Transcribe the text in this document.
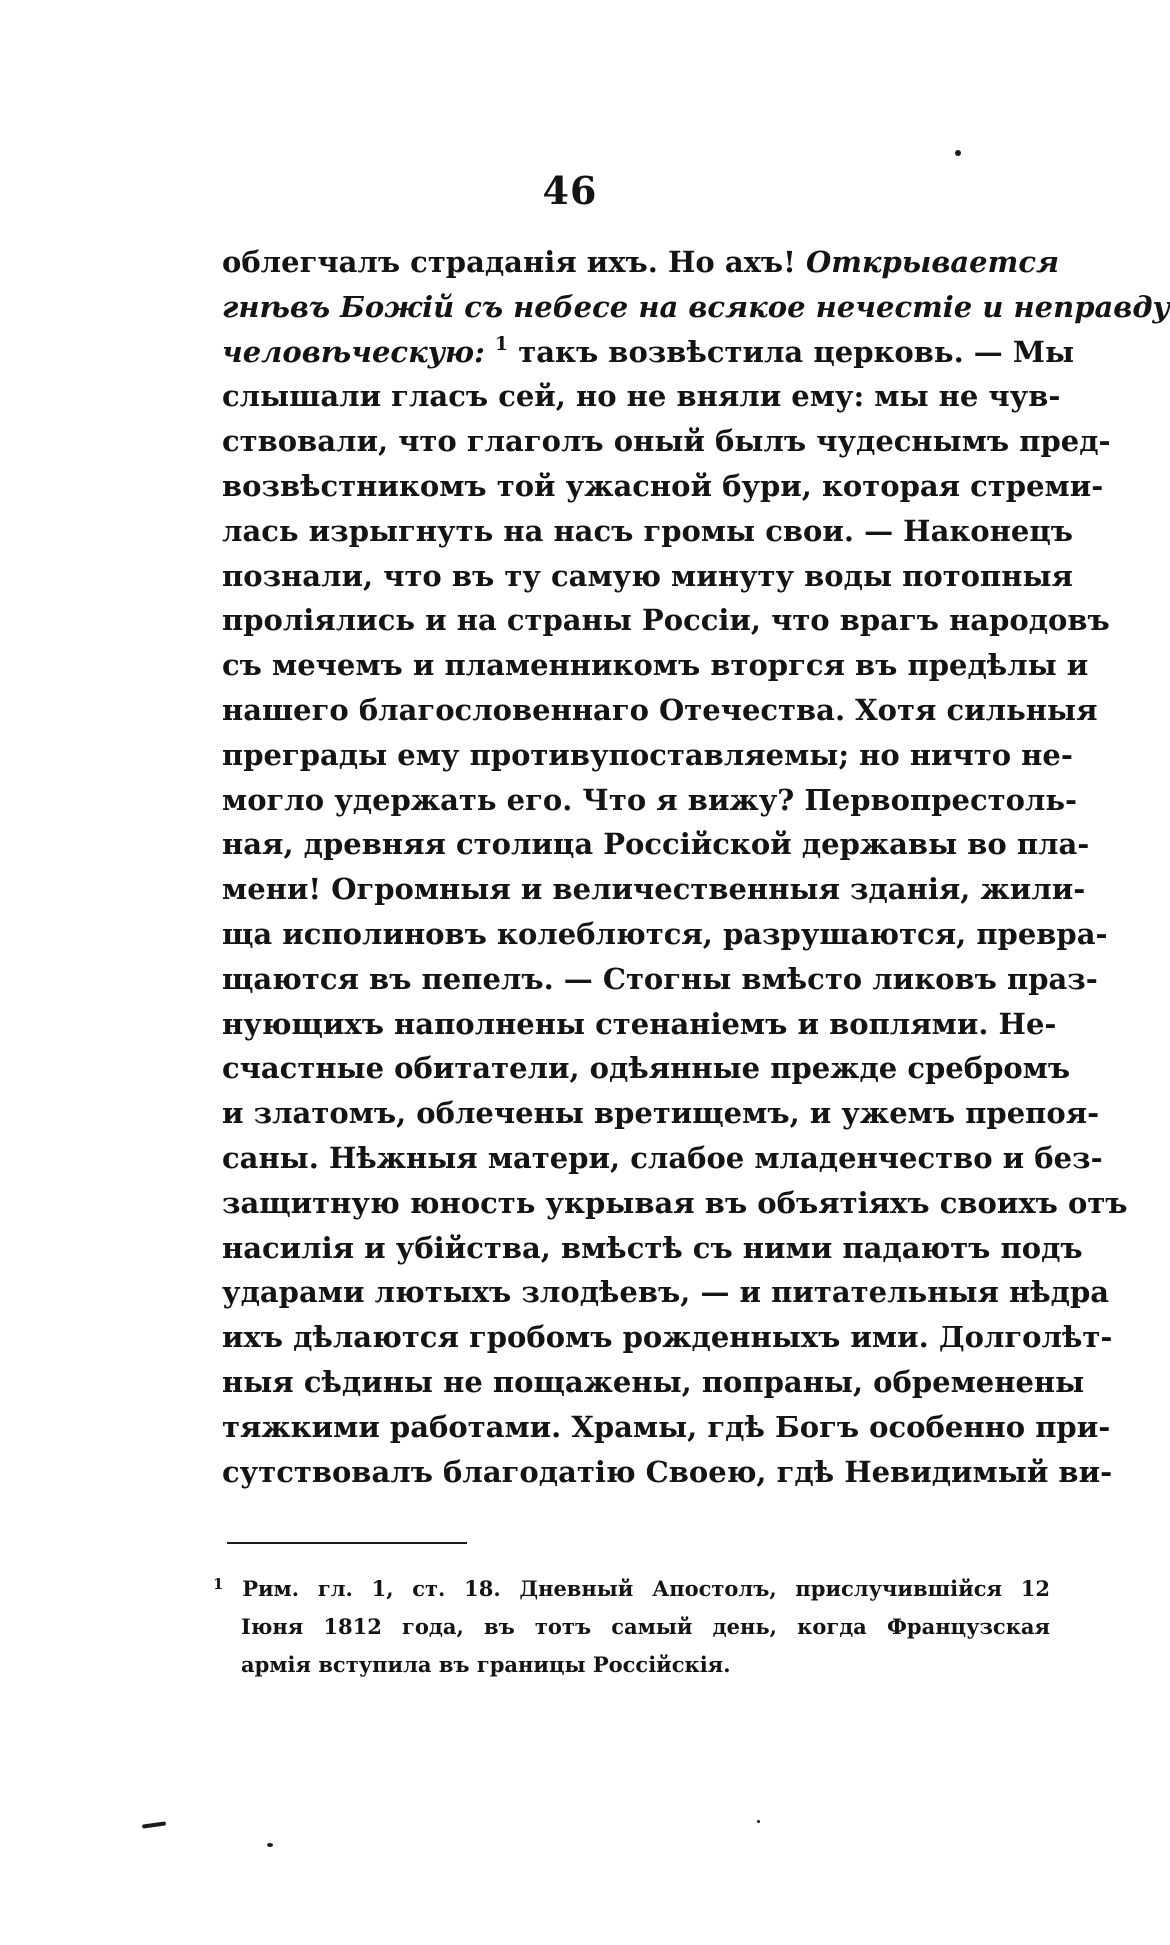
46
облегчалъ страданія ихъ. Но ахъ! Открывается
гнѣвъ Божій съ небесе на всякое нечестіе и неправду
человѣческую: $^1$ такъ возвѣстила церковь. — Мы
слышали гласъ сей, но не вняли ему: мы не чув-
ствовали, что глаголъ оный былъ чудеснымъ пред-
возвѣстникомъ той ужасной бури, которая стреми-
лась изрыгнуть на насъ громы свои. — Наконецъ
познали, что въ ту самую минуту воды потопныя
проліялись и на страны Россіи, что врагъ народовъ
съ мечемъ и пламенникомъ вторгся въ предѣлы и
нашего благословеннаго Отечества. Хотя сильныя
преграды ему противупоставляемы; но ничто не-
могло удержать его. Что я вижу? Первопрестоль-
ная, древняя столица Россійской державы во пла-
мени! Огромныя и величественныя зданія, жили-
ща исполиновъ колеблются, разрушаются, превра-
щаются въ пепелъ. — Стогны вмѣсто ликовъ праз-
нующихъ наполнены стенаніемъ и воплями. Не-
счастные обитатели, одѣянные прежде сребромъ
и златомъ, облечены вретищемъ, и ужемъ препоя-
саны. Нѣжныя матери, слабое младенчество и без-
защитную юность укрывая въ объятіяхъ своихъ отъ
насилія и убійства, вмѣстѣ съ ними падаютъ подъ
ударами лютыхъ злодѣевъ, — и питательныя нѣдра
ихъ дѣлаются гробомъ рожденныхъ ими. Долголѣт-
ныя сѣдины не пощажены, попраны, обременены
тяжкими работами. Храмы, гдѣ Богъ особенно при-
сутствовалъ благодатію Своею, гдѣ Невидимый ви-
$^1$ Рим. гл. 1, ст. 18. Дневный Апостолъ, прислучившійся 12
Іюня 1812 года, въ тотъ самый день, когда Французская
армія вступила въ границы Россійскія.
